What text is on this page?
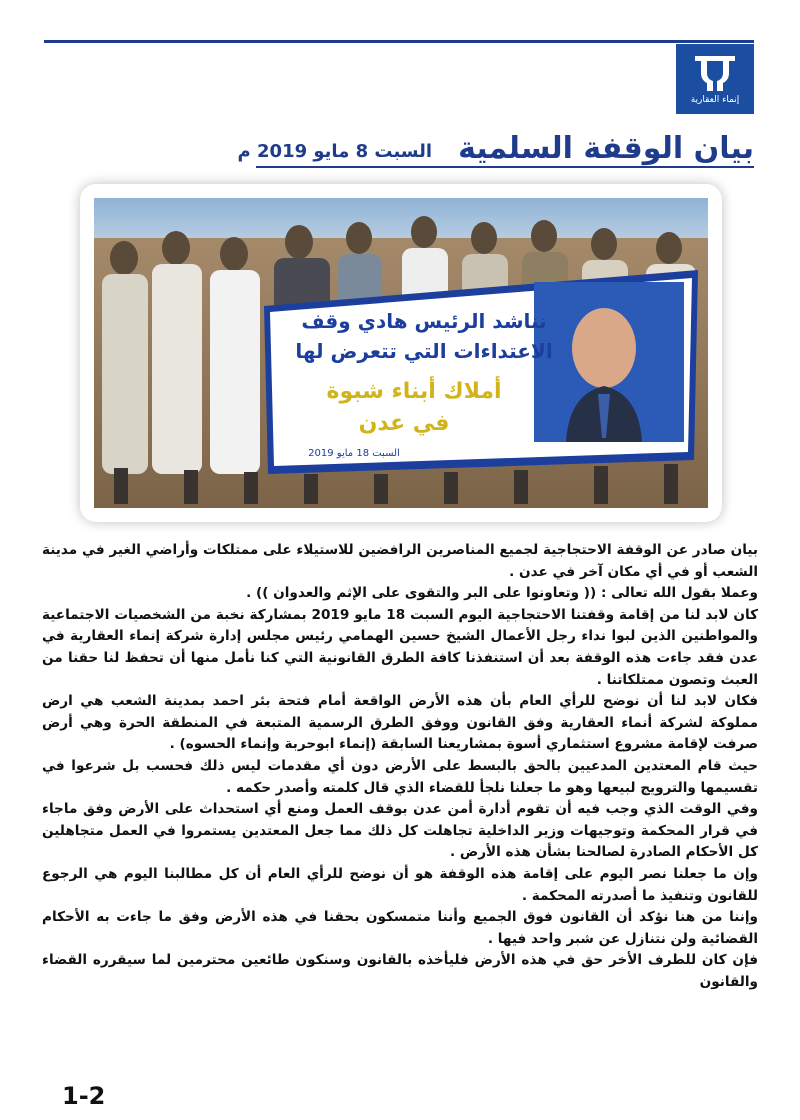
إنماء العقارية
بيان الوقفة السلمية
السبت 8 مايو 2019 م
نناشد الرئيس هادي وقف
الاعتداءات التي تتعرض لها
أملاك أبناء شبوة
في عدن
السبت 18 مايو 2019

بيان صادر عن الوقفة الاحتجاجية لجميع المناصرين الرافضين للاستيلاء على ممتلكات وأراضي الغير في مدينة الشعب أو في أي مكان آخر في عدن .

وعملا بقول الله تعالى : (( وتعاونوا على البر والتقوى على الإثم والعدوان )) .

كان لابد لنا من إقامة وقفتنا الاحتجاجية اليوم السبت 18 مايو 2019 بمشاركة نخبة من الشخصيات الاجتماعية والمواطنين الذين لبوا نداء رجل الأعمال الشيخ حسين الهمامي رئيس مجلس إدارة شركة إنماء العقارية في عدن فقد جاءت هذه الوقفة بعد أن استنفذنا كافة الطرق القانونية التي كنا نأمل منها أن تحفظ لنا حقنا من العبث وتصون ممتلكاتنا .

فكان لابد لنا أن نوضح للرأي العام بأن هذه الأرض الواقعة أمام فتحة بئر احمد بمدينة الشعب هي ارض مملوكة لشركة أنماء العقارية وفق القانون ووفق الطرق الرسمية المتبعة في المنطقة الحرة وهي أرض صرفت لإقامة مشروع استثماري أسوة بمشاريعنا السابقة (إنماء ابوحربة وإنماء الحسوه) .

حيث قام المعتدين المدعيين بالحق بالبسط على الأرض دون أي مقدمات ليس ذلك فحسب بل شرعوا في تقسيمها والترويج لبيعها وهو ما جعلنا نلجأ للقضاء الذي قال كلمته وأصدر حكمه .

وفي الوقت الذي وجب فيه أن تقوم أدارة أمن عدن بوقف العمل ومنع أي استحداث على الأرض وفق ماجاء في قرار المحكمة وتوجيهات وزير الداخلية تجاهلت كل ذلك مما جعل المعتدين يستمروا في العمل متجاهلين كل الأحكام الصادرة لصالحنا بشأن هذه الأرض .

وإن ما جعلنا نصر اليوم على إقامة هذه الوقفة هو أن نوضح للرأي العام أن كل مطالبنا اليوم هي الرجوع للقانون وتنفيذ ما أصدرته المحكمة .

وإننا من هنا نؤكد أن القانون فوق الجميع وأننا متمسكون بحقنا في هذه الأرض وفق ما جاءت به الأحكام القضائية ولن نتنازل عن شبر واحد فيها .

فإن كان للطرف الأخر حق في هذه الأرض فليأخذه بالقانون وسنكون طائعين محترمين لما سيقرره القضاء والقانون

1-2
